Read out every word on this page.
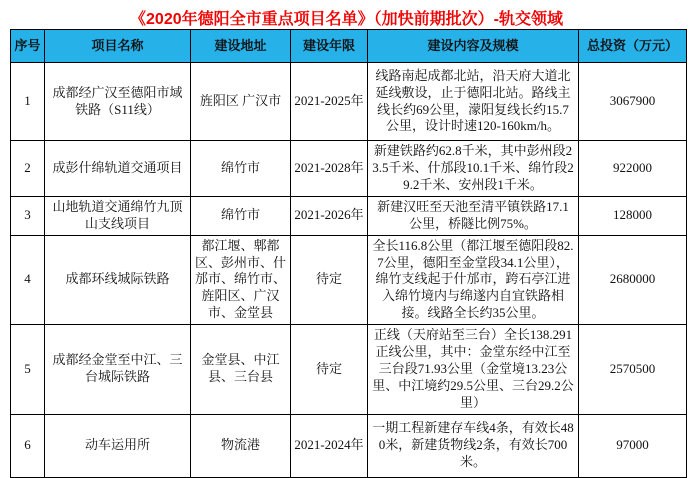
《2020年德阳全市重点项目名单》（加快前期批次）-轨交领域
序号	项目名称	建设地址	建设年限	建设内容及规模	总投资（万元）
1	成都经广汉至德阳市域铁路（S11线）	旌阳区 广汉市	2021-2025年	线路南起成都北站，沿天府大道北延线敷设，止于德阳北站。路线主线长约69公里，濛阳复线长约15.7公里，设计时速120-160km/h。	3067900
2	成彭什绵轨道交通项目	绵竹市	2021-2028年	新建铁路约62.8千米，其中彭州段23.5千米、什邡段10.1千米、绵竹段29.2千米、安州段1千米。	922000
3	山地轨道交通绵竹九顶山支线项目	绵竹市	2021-2026年	新建汉旺至天池至清平镇铁路17.1公里，桥隧比例75%。	128000
4	成都环线城际铁路	都江堰、郫都区、彭州市、什邡市、绵竹市、旌阳区、广汉市、金堂县	待定	全长116.8公里（都江堰至德阳段82.7公里，德阳至金堂段34.1公里），绵竹支线起于什邡市，跨石亭江进入绵竹境内与绵遂内自宜铁路相接。线路全长约35公里。	2680000
5	成都经金堂至中江、三台城际铁路	金堂县、中江县、三台县	待定	正线（天府站至三台）全长138.291正线公里，其中：金堂东经中江至三台段71.93公里（金堂境13.23公里、中江境约29.5公里、三台29.2公里）	2570500
6	动车运用所	物流港	2021-2024年	一期工程新建存车线4条，有效长480米，新建货物线2条，有效长700米。	97000
